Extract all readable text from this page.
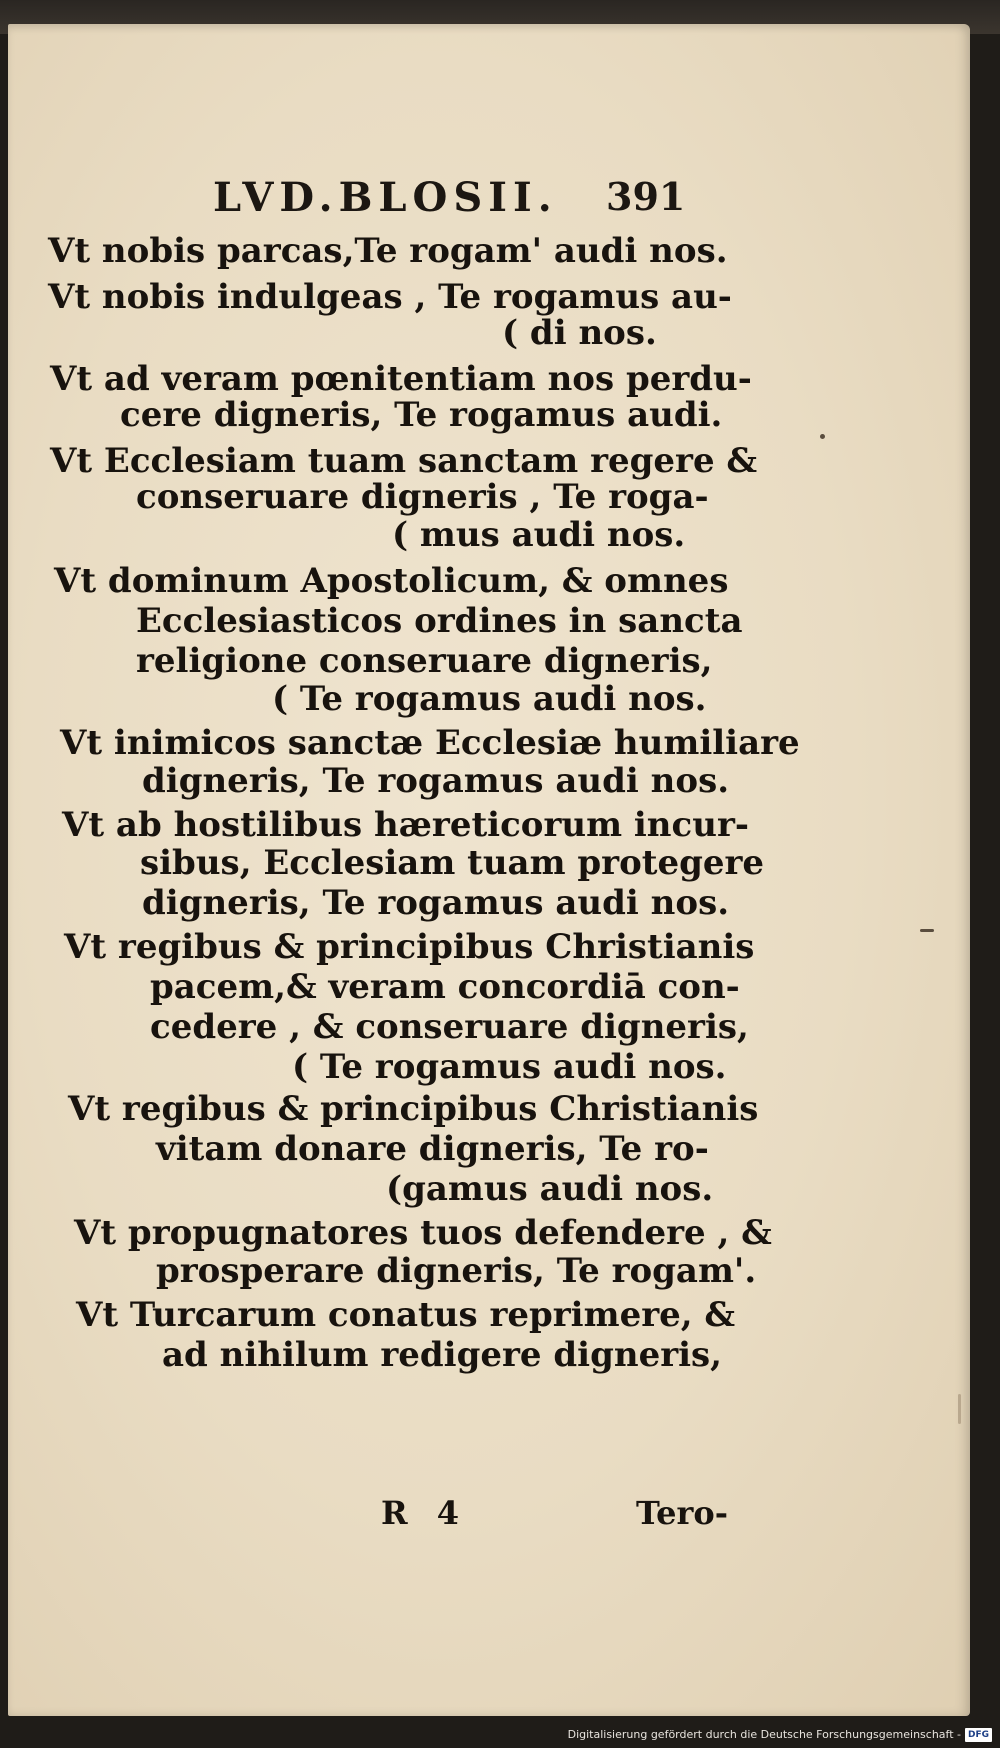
LVD.BLOSII. 391
Vt nobis parcas,Te rogam' audi nos.
Vt nobis indulgeas , Te rogamus au-
( di nos.
Vt ad veram pœnitentiam nos perdu-
cere digneris, Te rogamus audi.
Vt Ecclesiam tuam sanctam regere &
conseruare digneris , Te roga-
( mus audi nos.
Vt dominum Apostolicum, & omnes
Ecclesiasticos ordines in sancta
religione conseruare digneris,
( Te rogamus audi nos.
Vt inimicos sanctæ Ecclesiæ humiliare
digneris, Te rogamus audi nos.
Vt ab hostilibus hæreticorum incur-
sibus, Ecclesiam tuam protegere
digneris, Te rogamus audi nos.
Vt regibus & principibus Christianis
pacem,& veram concordiā con-
cedere , & conseruare digneris,
( Te rogamus audi nos.
Vt regibus & principibus Christianis
vitam donare digneris, Te ro-
(gamus audi nos.
Vt propugnatores tuos defendere , &
prosperare digneris, Te rogam'.
Vt Turcarum conatus reprimere, &
ad nihilum redigere digneris,
R 4	Tero-
Digitalisierung gefördert durch die Deutsche Forschungsgemeinschaft - DFG
